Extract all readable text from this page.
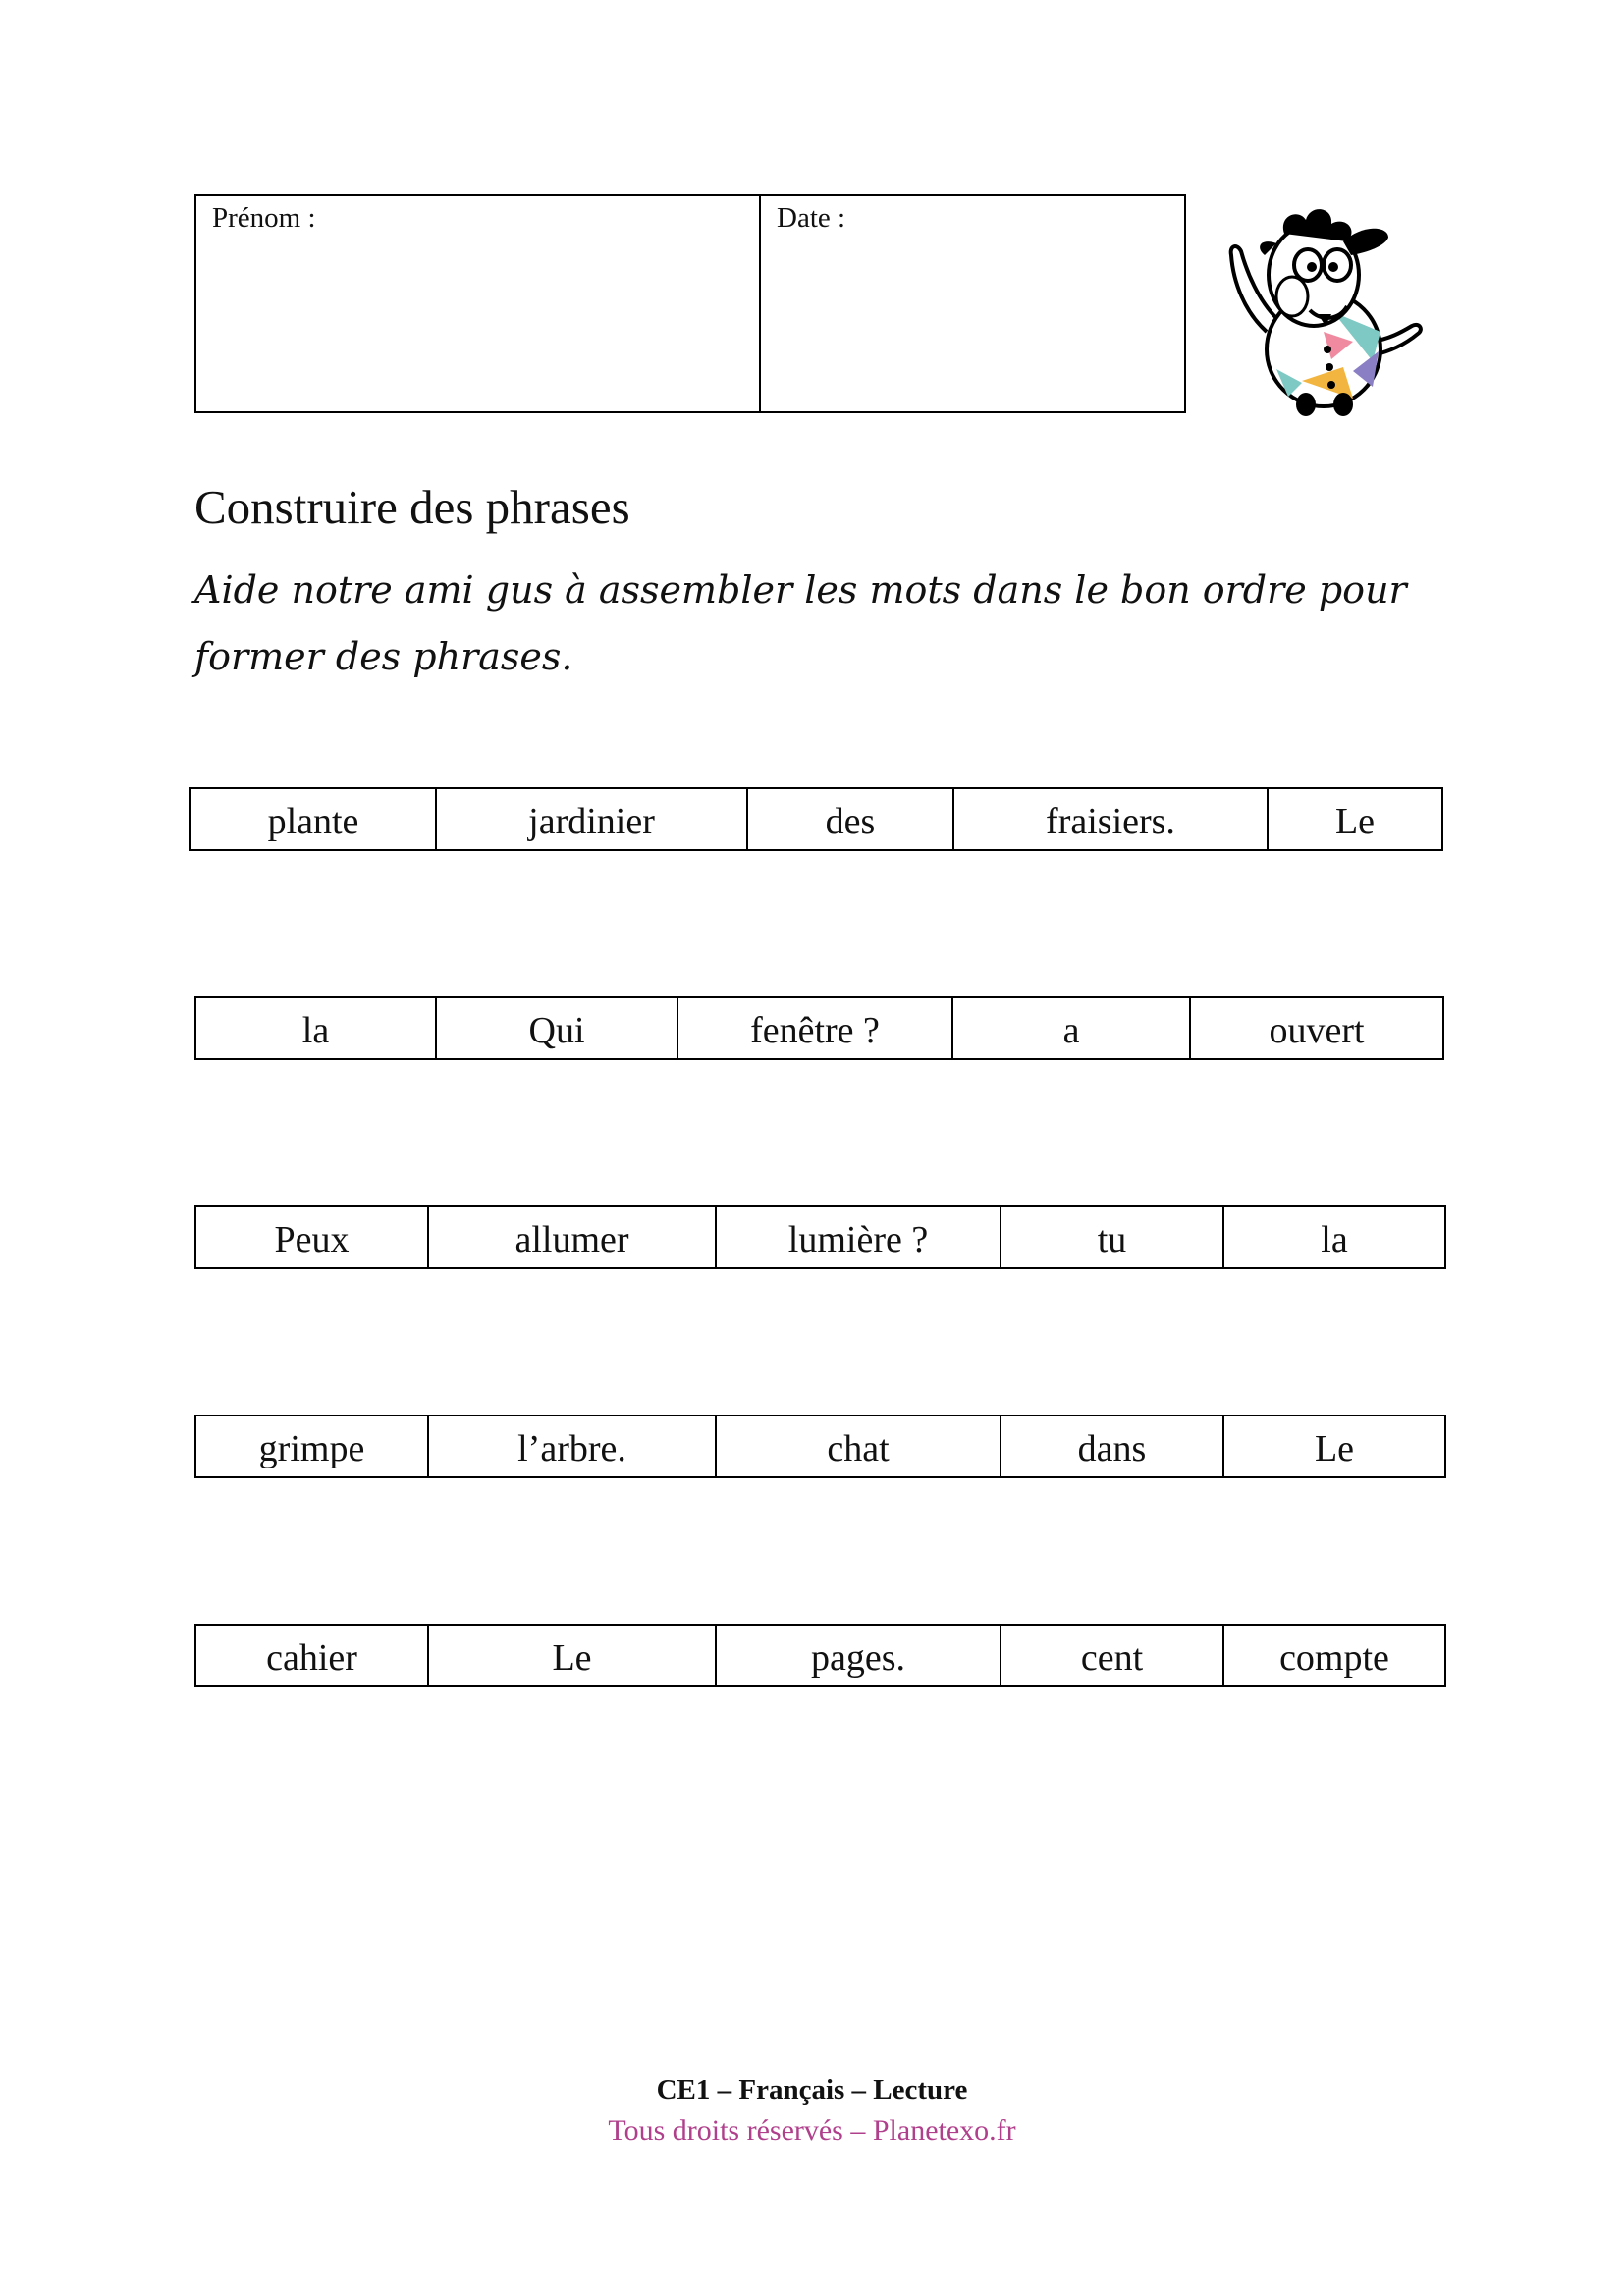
Prénom :	Date :
Construire des phrases

Aide notre ami gus à assembler les mots dans le bon ordre pour former des phrases.

plante	jardinier	des	fraisiers.	Le
la	Qui	fenêtre ?	a	ouvert
Peux	allumer	lumière ?	tu	la
grimpe	l’arbre.	chat	dans	Le
cahier	Le	pages.	cent	compte
CE1 – Français – Lecture
Tous droits réservés – Planetexo.fr
